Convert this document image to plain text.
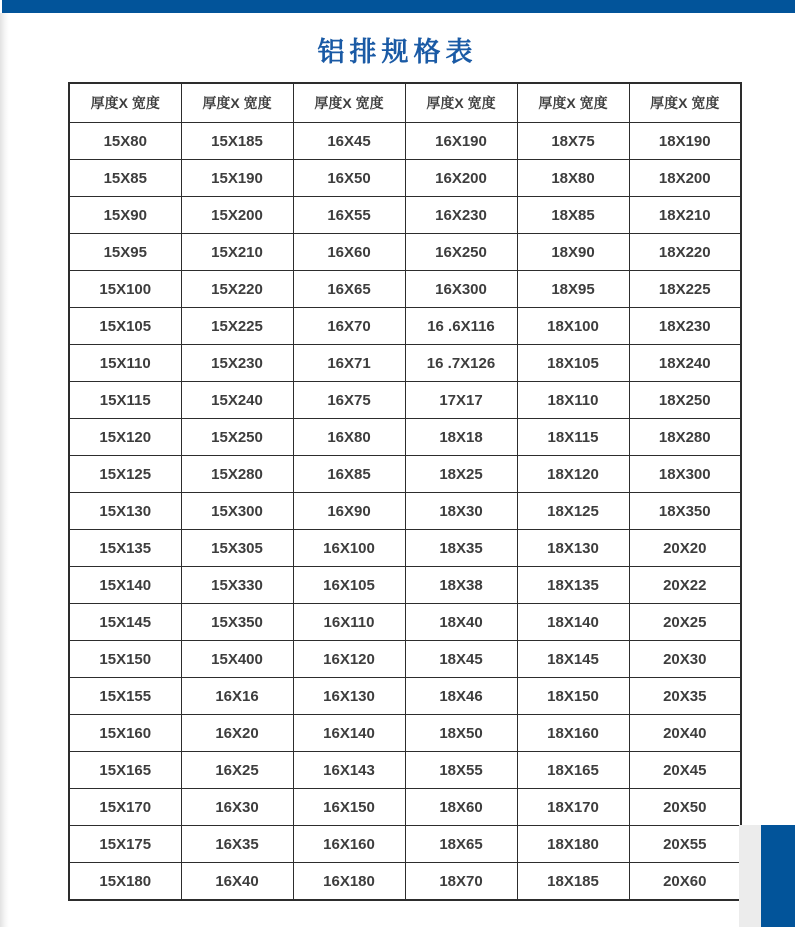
铝排规格表
厚度X 宽度	厚度X 宽度	厚度X 宽度	厚度X 宽度	厚度X 宽度	厚度X 宽度
15X80	15X185	16X45	16X190	18X75	18X190
15X85	15X190	16X50	16X200	18X80	18X200
15X90	15X200	16X55	16X230	18X85	18X210
15X95	15X210	16X60	16X250	18X90	18X220
15X100	15X220	16X65	16X300	18X95	18X225
15X105	15X225	16X70	16 .6X116	18X100	18X230
15X110	15X230	16X71	16 .7X126	18X105	18X240
15X115	15X240	16X75	17X17	18X110	18X250
15X120	15X250	16X80	18X18	18X115	18X280
15X125	15X280	16X85	18X25	18X120	18X300
15X130	15X300	16X90	18X30	18X125	18X350
15X135	15X305	16X100	18X35	18X130	20X20
15X140	15X330	16X105	18X38	18X135	20X22
15X145	15X350	16X110	18X40	18X140	20X25
15X150	15X400	16X120	18X45	18X145	20X30
15X155	16X16	16X130	18X46	18X150	20X35
15X160	16X20	16X140	18X50	18X160	20X40
15X165	16X25	16X143	18X55	18X165	20X45
15X170	16X30	16X150	18X60	18X170	20X50
15X175	16X35	16X160	18X65	18X180	20X55
15X180	16X40	16X180	18X70	18X185	20X60
